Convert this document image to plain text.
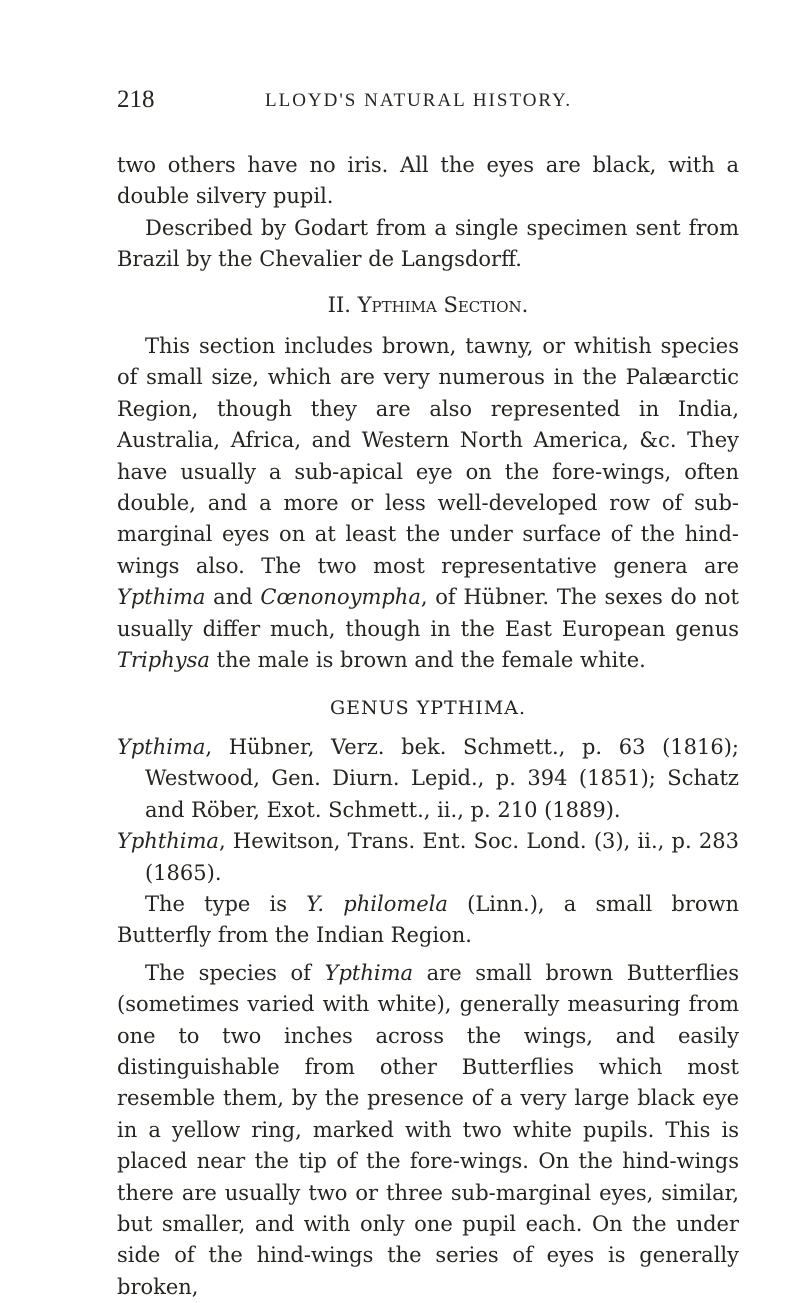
218	LLOYD'S NATURAL HISTORY.

two others have no iris. All the eyes are black, with a double silvery pupil.

Described by Godart from a single specimen sent from Brazil by the Chevalier de Langsdorff.

II. Ypthima Section.

This section includes brown, tawny, or whitish species of small size, which are very numerous in the Palæarctic Region, though they are also represented in India, Australia, Africa, and Western North America, &c. They have usually a sub-apical eye on the fore-wings, often double, and a more or less well-developed row of sub-marginal eyes on at least the under surface of the hind-wings also. The two most representative genera are Ypthima and Cœnonoymphа, of Hübner. The sexes do not usually differ much, though in the East European genus Triphysa the male is brown and the female white.

GENUS YPTHIMA.

Ypthima, Hübner, Verz. bek. Schmett., p. 63 (1816); Westwood, Gen. Diurn. Lepid., p. 394 (1851); Schatz and Röber, Exot. Schmett., ii., p. 210 (1889).

Yphthima, Hewitson, Trans. Ent. Soc. Lond. (3), ii., p. 283 (1865).

The type is Y. philomela (Linn.), a small brown Butterfly from the Indian Region.

The species of Ypthima are small brown Butterflies (sometimes varied with white), generally measuring from one to two inches across the wings, and easily distinguishable from other Butterflies which most resemble them, by the presence of a very large black eye in a yellow ring, marked with two white pupils. This is placed near the tip of the fore-wings. On the hind-wings there are usually two or three sub-marginal eyes, similar, but smaller, and with only one pupil each. On the under side of the hind-wings the series of eyes is generally broken,
